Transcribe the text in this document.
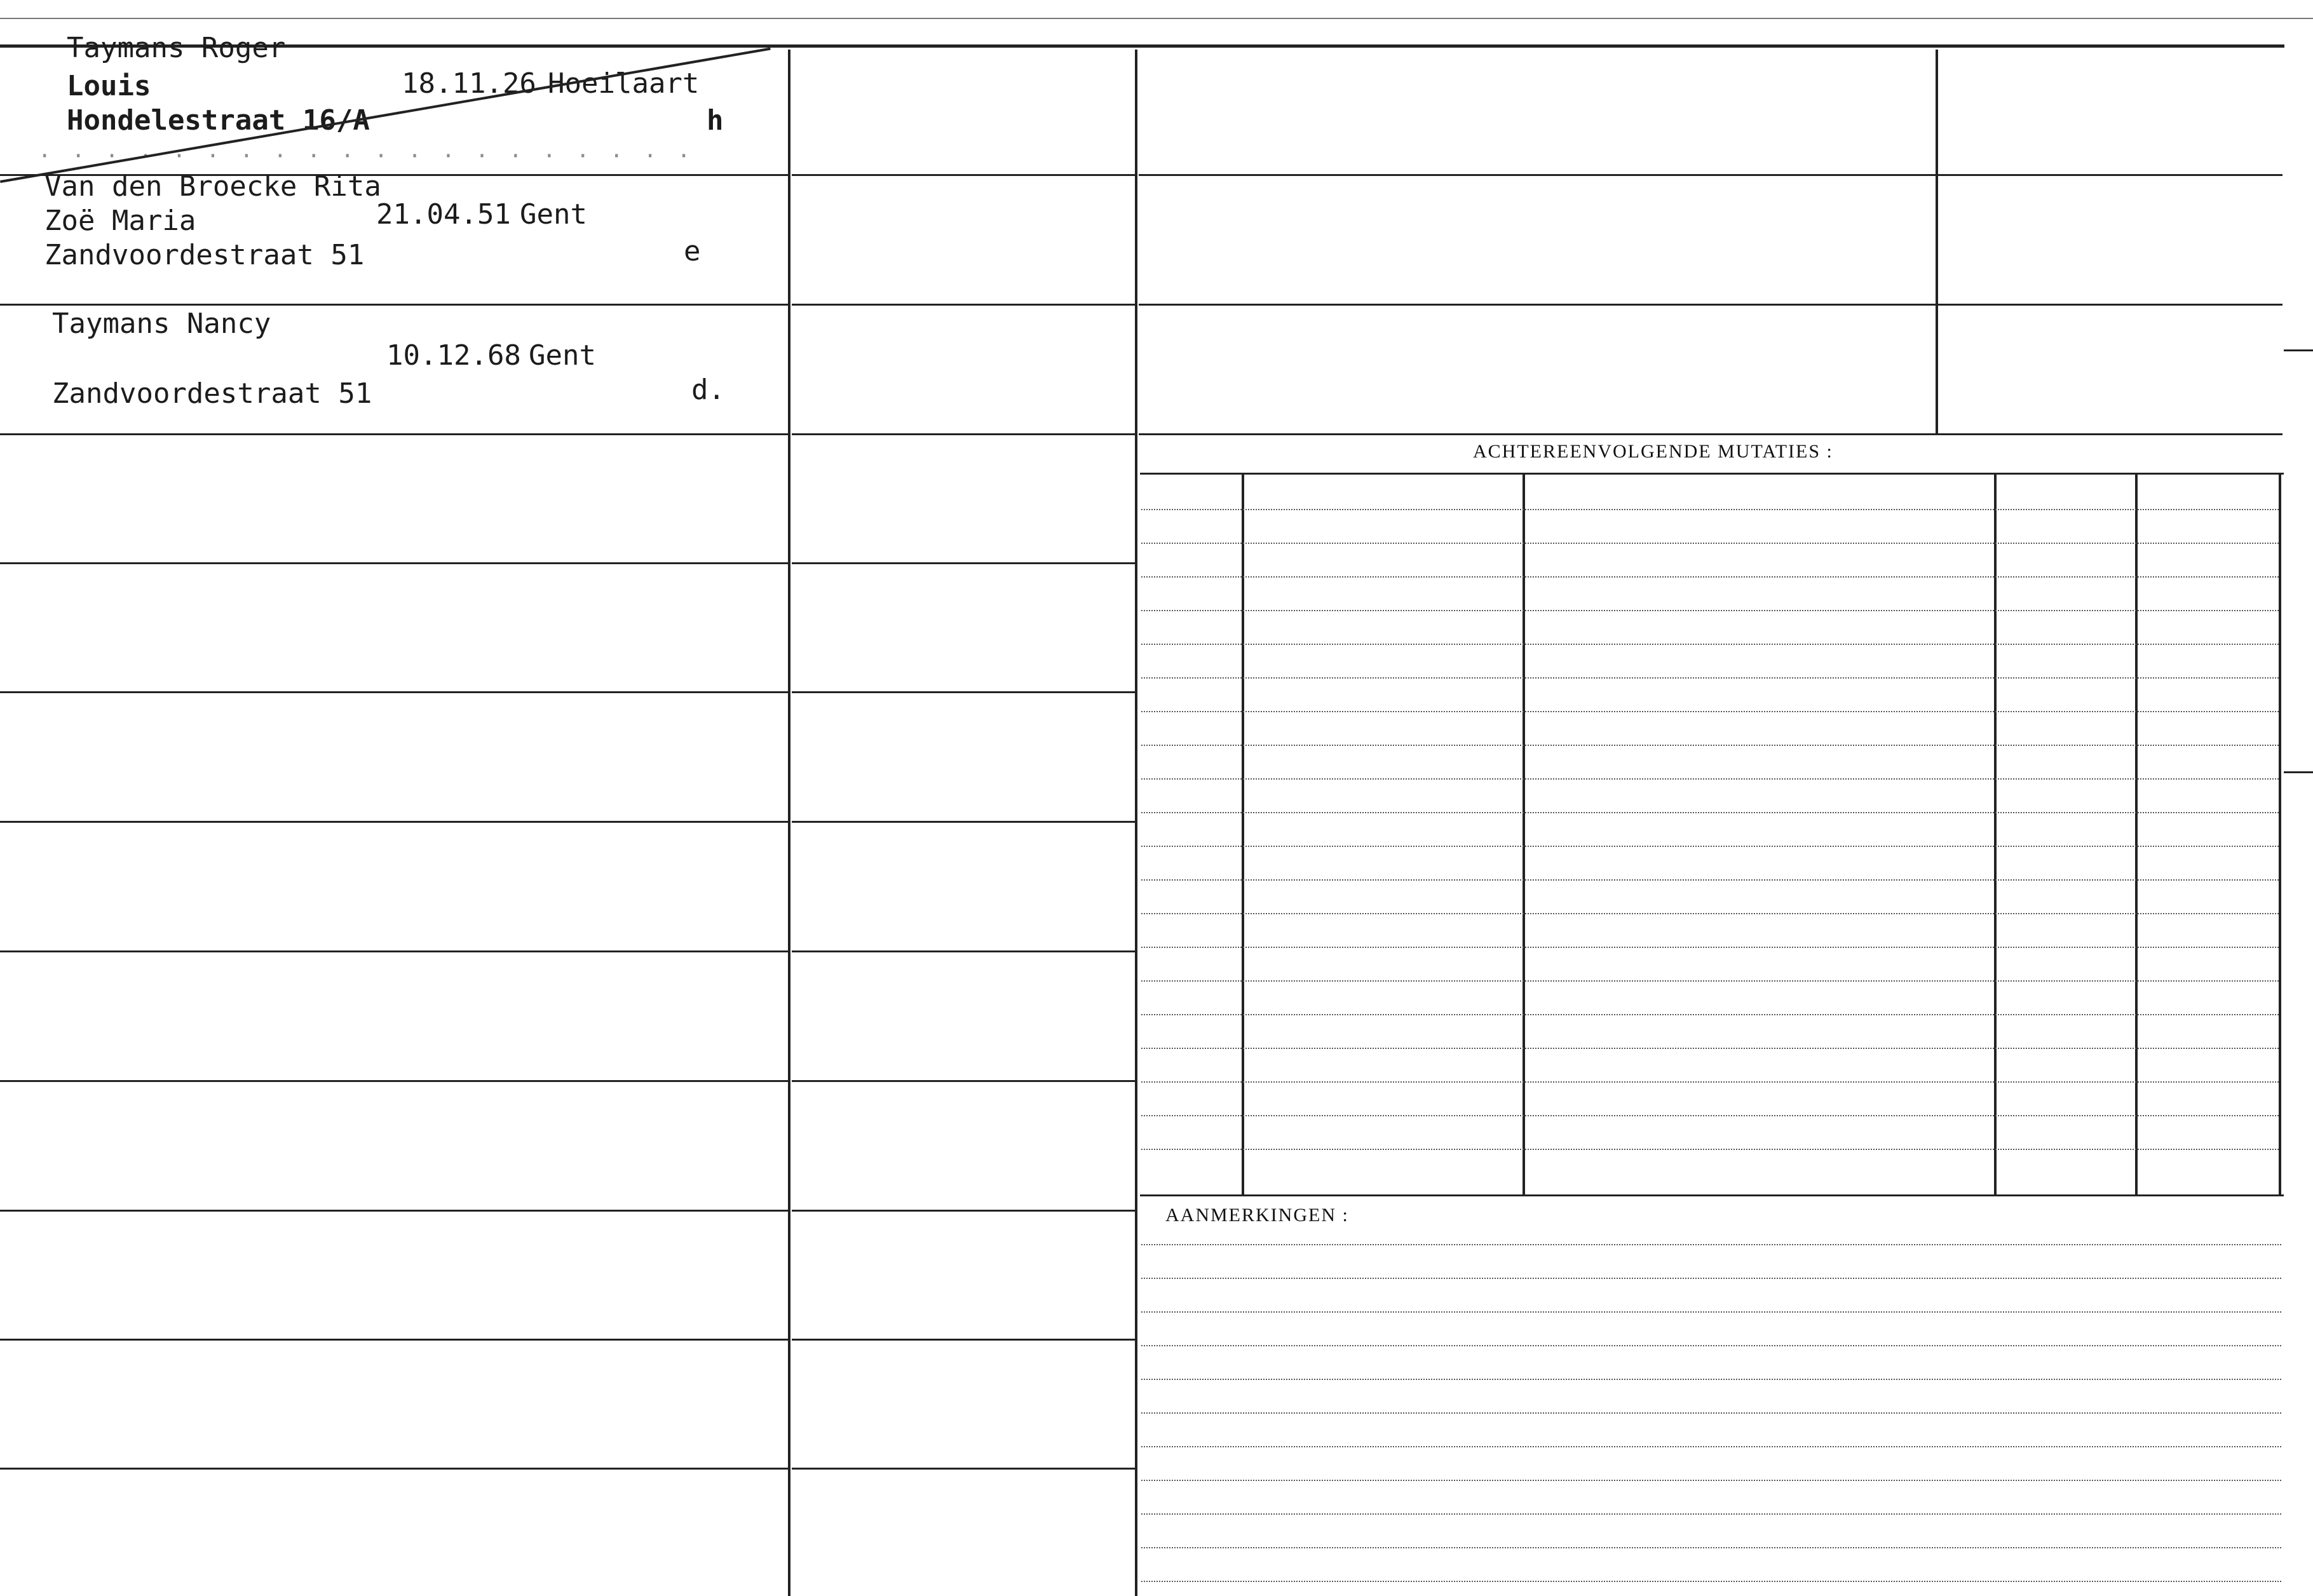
Taymans Roger
Louis	18.11.26 Hoeilaart
Hondelestraat 16/A	h
· · · · · · · · · · · · · · · · · · · ·
Van den Broecke Rita
Zoë Maria	21.04.51 Gent
Zandvoordestraat 51	e
Taymans Nancy
10.12.68 Gent
Zandvoordestraat 51	d.
ACHTEREENVOLGENDE MUTATIES :
AANMERKINGEN :
